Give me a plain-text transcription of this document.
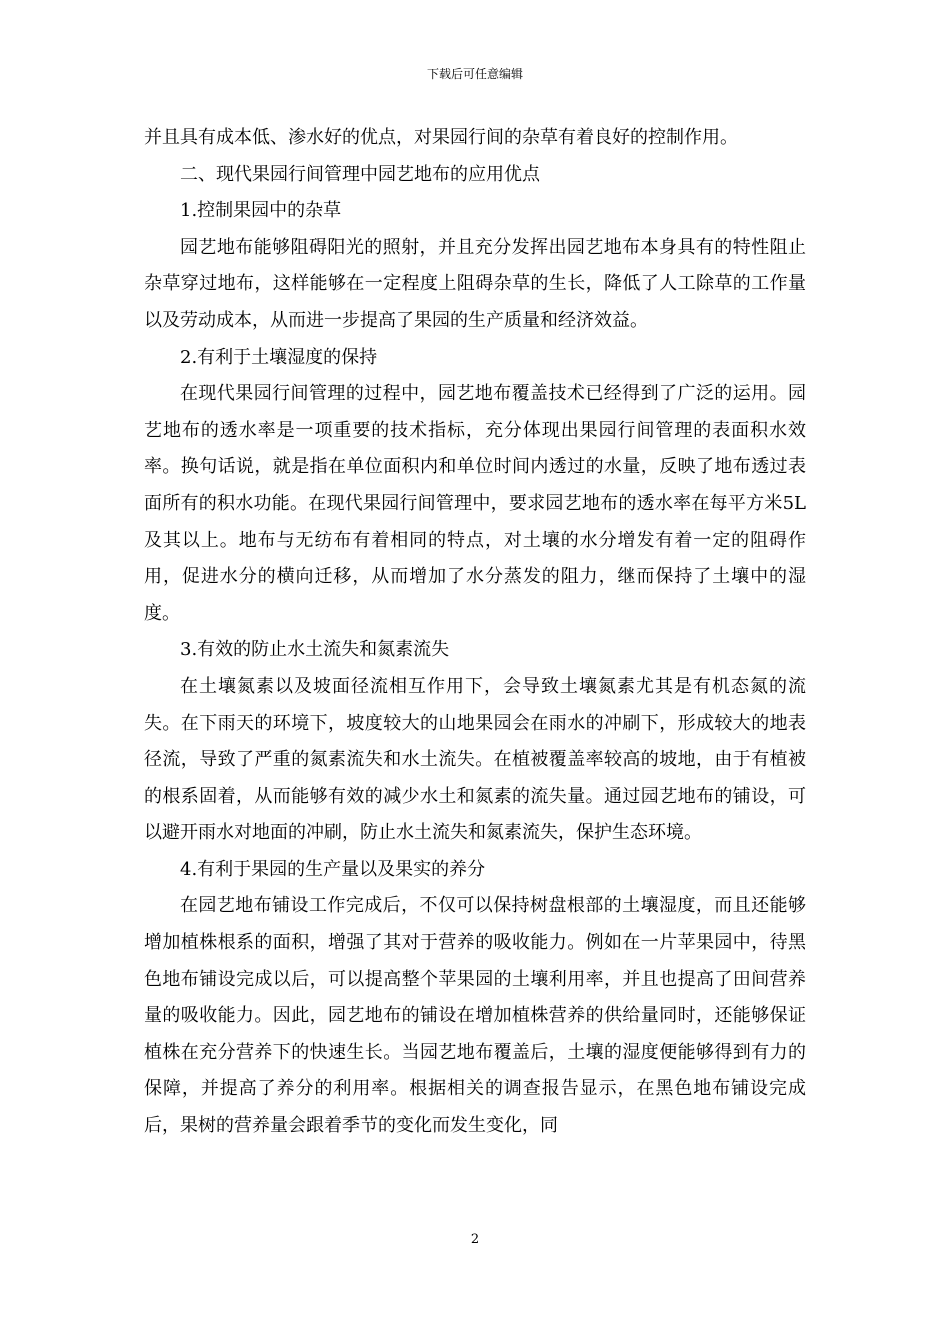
下载后可任意编辑

并且具有成本低、渗水好的优点，对果园行间的杂草有着良好的控制作用。

二、现代果园行间管理中园艺地布的应用优点

1.控制果园中的杂草

园艺地布能够阻碍阳光的照射，并且充分发挥出园艺地布本身具有的特性阻止杂草穿过地布，这样能够在一定程度上阻碍杂草的生长，降低了人工除草的工作量以及劳动成本，从而进一步提高了果园的生产质量和经济效益。

2.有利于土壤湿度的保持

在现代果园行间管理的过程中，园艺地布覆盖技术已经得到了广泛的运用。园艺地布的透水率是一项重要的技术指标，充分体现出果园行间管理的表面积水效率。换句话说，就是指在单位面积内和单位时间内透过的水量，反映了地布透过表面所有的积水功能。在现代果园行间管理中，要求园艺地布的透水率在每平方米5L及其以上。地布与无纺布有着相同的特点，对土壤的水分增发有着一定的阻碍作用，促进水分的横向迁移，从而增加了水分蒸发的阻力，继而保持了土壤中的湿度。

3.有效的防止水土流失和氮素流失

在土壤氮素以及坡面径流相互作用下，会导致土壤氮素尤其是有机态氮的流失。在下雨天的环境下，坡度较大的山地果园会在雨水的冲刷下，形成较大的地表径流，导致了严重的氮素流失和水土流失。在植被覆盖率较高的坡地，由于有植被的根系固着，从而能够有效的减少水土和氮素的流失量。通过园艺地布的铺设，可以避开雨水对地面的冲刷，防止水土流失和氮素流失，保护生态环境。

4.有利于果园的生产量以及果实的养分

在园艺地布铺设工作完成后，不仅可以保持树盘根部的土壤湿度，而且还能够增加植株根系的面积，增强了其对于营养的吸收能力。例如在一片苹果园中，待黑色地布铺设完成以后，可以提高整个苹果园的土壤利用率，并且也提高了田间营养量的吸收能力。因此，园艺地布的铺设在增加植株营养的供给量同时，还能够保证植株在充分营养下的快速生长。当园艺地布覆盖后，土壤的湿度便能够得到有力的保障，并提高了养分的利用率。根据相关的调查报告显示，在黑色地布铺设完成后，果树的营养量会跟着季节的变化而发生变化，同

2
